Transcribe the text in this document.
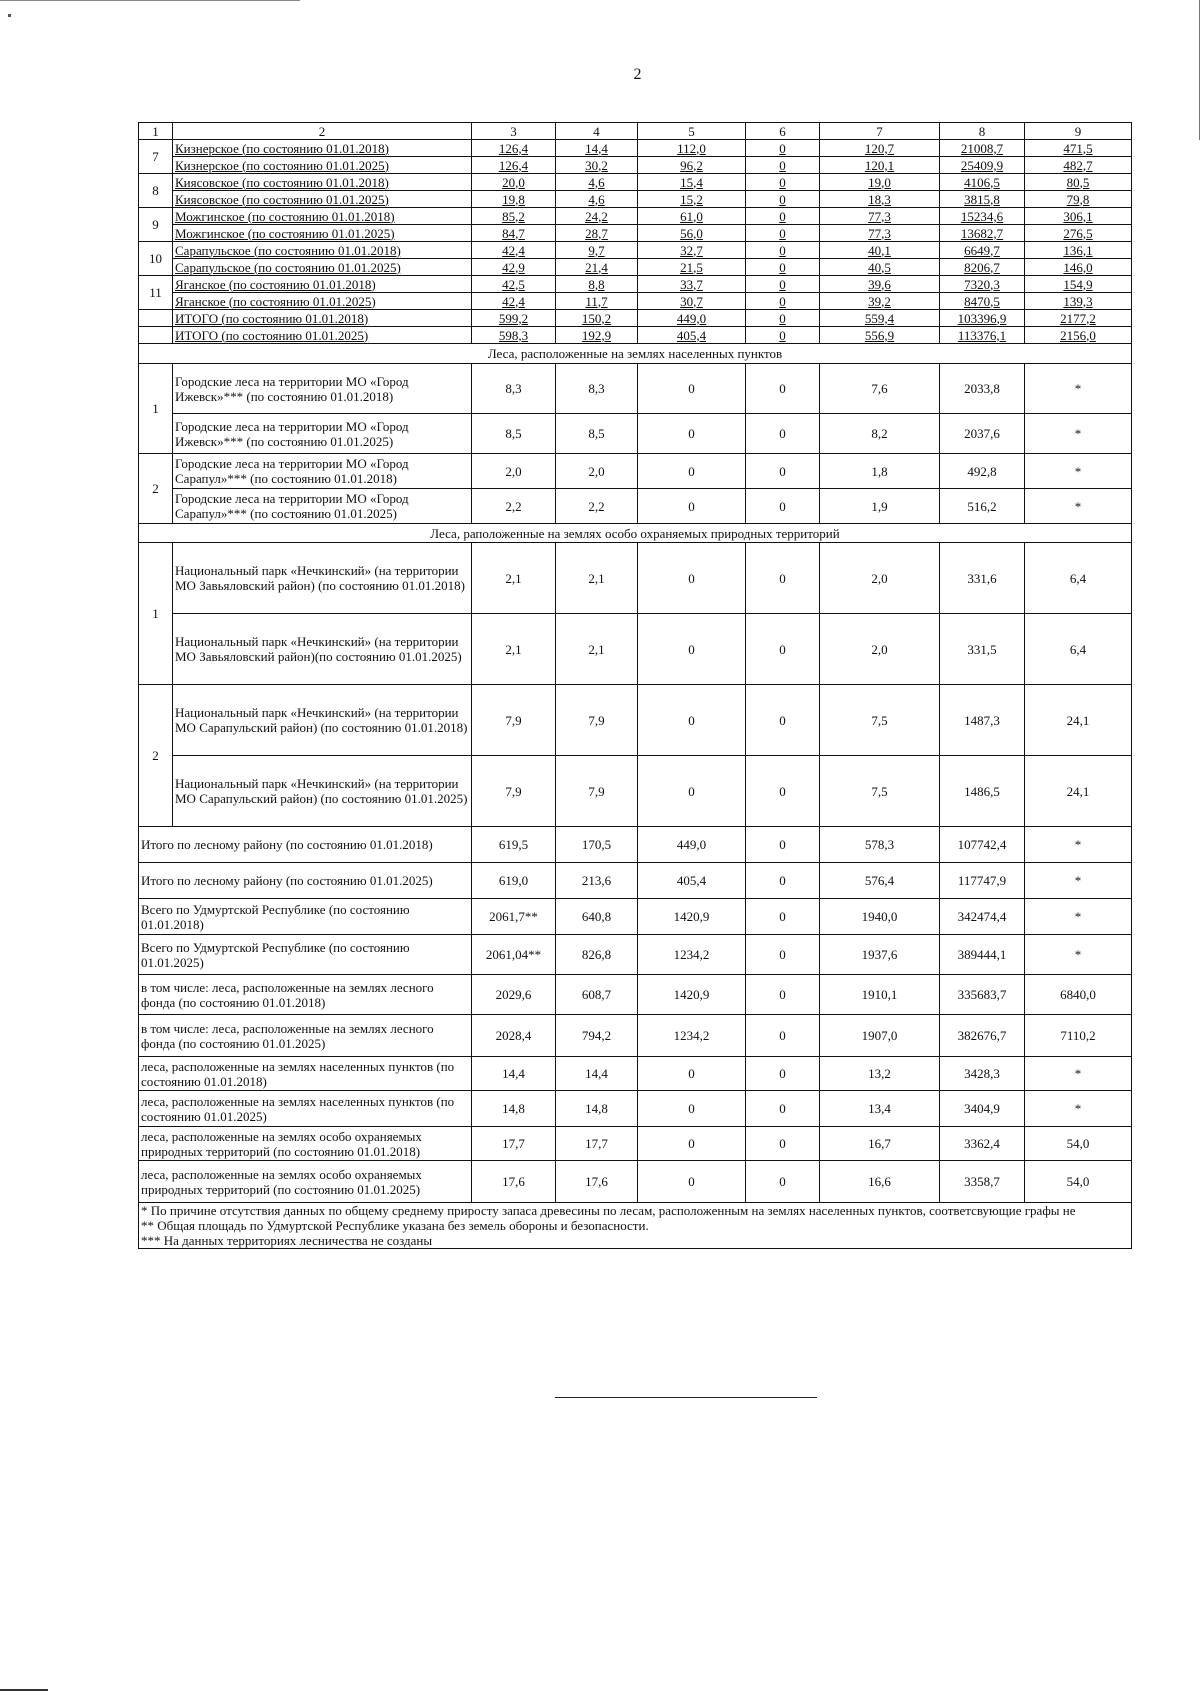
2
1	2	3	4	5	6	7	8	9
7	Кизнерское (по состоянию 01.01.2018)	126,4	14,4	112,0	0	120,7	21008,7	471,5
	Кизнерское (по состоянию 01.01.2025)	126,4	30,2	96,2	0	120,1	25409,9	482,7
8	Киясовское (по состоянию 01.01.2018)	20,0	4,6	15,4	0	19,0	4106,5	80,5
	Киясовское (по состоянию 01.01.2025)	19,8	4,6	15,2	0	18,3	3815,8	79,8
9	Можгинское (по состоянию 01.01.2018)	85,2	24,2	61,0	0	77,3	15234,6	306,1
	Можгинское (по состоянию 01.01.2025)	84,7	28,7	56,0	0	77,3	13682,7	276,5
10	Сарапульское (по состоянию 01.01.2018)	42,4	9,7	32,7	0	40,1	6649,7	136,1
	Сарапульское (по состоянию 01.01.2025)	42,9	21,4	21,5	0	40,5	8206,7	146,0
11	Яганское (по состоянию 01.01.2018)	42,5	8,8	33,7	0	39,6	7320,3	154,9
	Яганское (по состоянию 01.01.2025)	42,4	11,7	30,7	0	39,2	8470,5	139,3
	ИТОГО (по состоянию 01.01.2018)	599,2	150,2	449,0	0	559,4	103396,9	2177,2
	ИТОГО (по состоянию 01.01.2025)	598,3	192,9	405,4	0	556,9	113376,1	2156,0
Леса, расположенные на землях населенных пунктов								
1	Городские леса на территории МО «Город Ижевск»*** (по состоянию 01.01.2018)	8,3	8,3	0	0	7,6	2033,8	*
	Городские леса на территории МО «Город Ижевск»*** (по состоянию 01.01.2025)	8,5	8,5	0	0	8,2	2037,6	*
2	Городские леса на территории МО «Город Сарапул»*** (по состоянию 01.01.2018)	2,0	2,0	0	0	1,8	492,8	*
	Городские леса на территории МО «Город Сарапул»*** (по состоянию 01.01.2025)	2,2	2,2	0	0	1,9	516,2	*
Леса, раположенные на землях особо охраняемых природных территорий								
1	Национальный парк «Нечкинский» (на территории МО Завьяловский район) (по состоянию 01.01.2018)	2,1	2,1	0	0	2,0	331,6	6,4
	Национальный парк «Нечкинский» (на территории МО Завьяловский район)(по состоянию 01.01.2025)	2,1	2,1	0	0	2,0	331,5	6,4
2	Национальный парк «Нечкинский» (на территории МО Сарапульский район) (по состоянию 01.01.2018)	7,9	7,9	0	0	7,5	1487,3	24,1
	Национальный парк «Нечкинский» (на территории МО Сарапульский район) (по состоянию 01.01.2025)	7,9	7,9	0	0	7,5	1486,5	24,1
Итого по лесному району (по состоянию 01.01.2018)		619,5	170,5	449,0	0	578,3	107742,4	*
Итого по лесному району (по состоянию 01.01.2025)		619,0	213,6	405,4	0	576,4	117747,9	*
Всего по Удмуртской Республике (по состоянию 01.01.2018)		2061,7**	640,8	1420,9	0	1940,0	342474,4	*
Всего по Удмуртской Республике (по состоянию 01.01.2025)		2061,04**	826,8	1234,2	0	1937,6	389444,1	*
в том числе: леса, расположенные на землях лесного фонда (по состоянию 01.01.2018)		2029,6	608,7	1420,9	0	1910,1	335683,7	6840,0
в том числе: леса, расположенные на землях лесного фонда (по состоянию 01.01.2025)		2028,4	794,2	1234,2	0	1907,0	382676,7	7110,2
леса, расположенные на землях населенных пунктов (по состоянию 01.01.2018)		14,4	14,4	0	0	13,2	3428,3	*
леса, расположенные на землях населенных пунктов (по состоянию 01.01.2025)		14,8	14,8	0	0	13,4	3404,9	*
леса, расположенные на землях особо охраняемых природных территорий (по состоянию 01.01.2018)		17,7	17,7	0	0	16,7	3362,4	54,0
леса, расположенные на землях особо охраняемых природных территорий (по состоянию 01.01.2025)		17,6	17,6	0	0	16,6	3358,7	54,0

* По причине отсутствия данных по общему среднему приросту запаса древесины по лесам, расположенным на землях населенных пунктов, соответсвующие графы не
** Общая площадь по Удмуртской Республике указана без земель обороны и безопасности.
*** На данных территориях лесничества не созданы								
